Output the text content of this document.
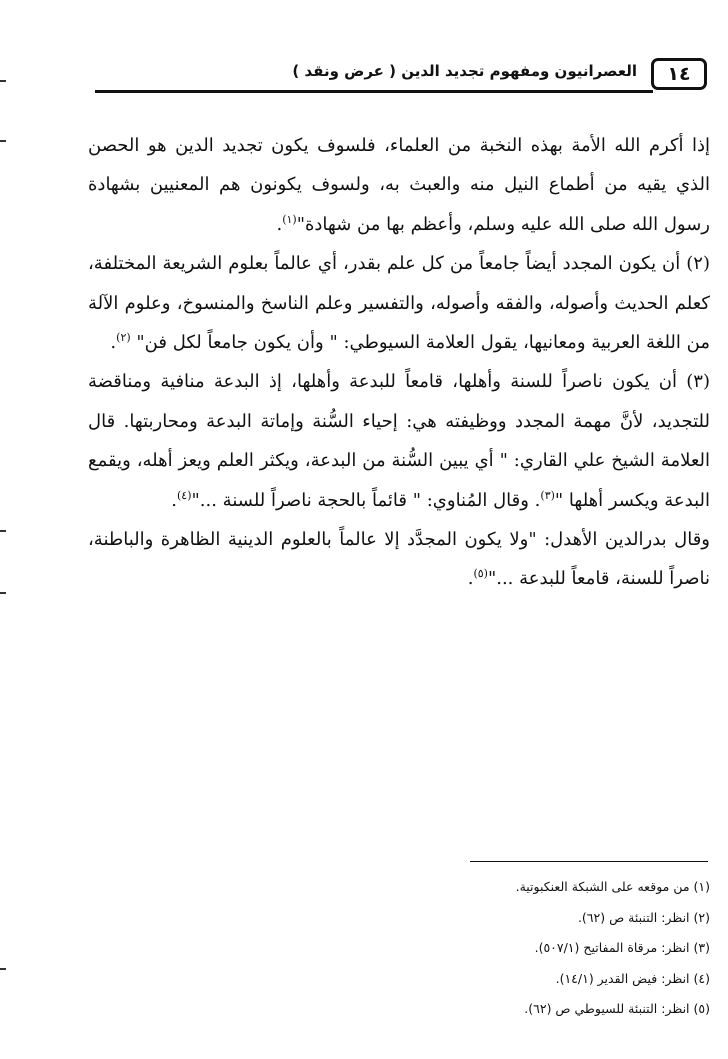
١٤
العصرانيون ومفهوم تجديد الدين ( عرض ونقد )

إذا أكرم الله الأمة بهذه النخبة من العلماء، فلسوف يكون تجديد الدين هو الحصن الذي يقيه من أطماع النيل منه والعبث به، ولسوف يكونون هم المعنيين بشهادة رسول الله صلى الله عليه وسلم، وأعظم بها من شهادة"$^{(١)}$.

(٢) أن يكون المجدد أيضاً جامعاً من كل علم بقدر، أي عالماً بعلوم الشريعة المختلفة، كعلم الحديث وأصوله، والفقه وأصوله، والتفسير وعلم الناسخ والمنسوخ، وعلوم الآلة من اللغة العربية ومعانيها، يقول العلامة السيوطي: " وأن يكون جامعاً لكل فن" $^{(٢)}$.

(٣) أن يكون ناصراً للسنة وأهلها، قامعاً للبدعة وأهلها، إذ البدعة منافية ومناقضة للتجديد، لأنَّ مهمة المجدد ووظيفته هي: إحياء السُّنة وإماتة البدعة ومحاربتها. قال العلامة الشيخ علي القاري: " أي يبين السُّنة من البدعة، ويكثر العلم ويعز أهله، ويقمع البدعة ويكسر أهلها "$^{(٣)}$. وقال المُناوي: " قائماً بالحجة ناصراً للسنة ..."$^{(٤)}$.

وقال بدرالدين الأهدل: "ولا يكون المجدَّد إلا عالماً بالعلوم الدينية الظاهرة والباطنة، ناصراً للسنة، قامعاً للبدعة ..."$^{(٥)}$.

(١) من موقعه على الشبكة العنكبوتية.
(٢) انظر: التنبئة ص (٦٢).
(٣) انظر: مرقاة المفاتيح (٥٠٧/١).
(٤) انظر: فيض القدير (١٤/١).
(٥) انظر: التنبئة للسيوطي ص (٦٢).
